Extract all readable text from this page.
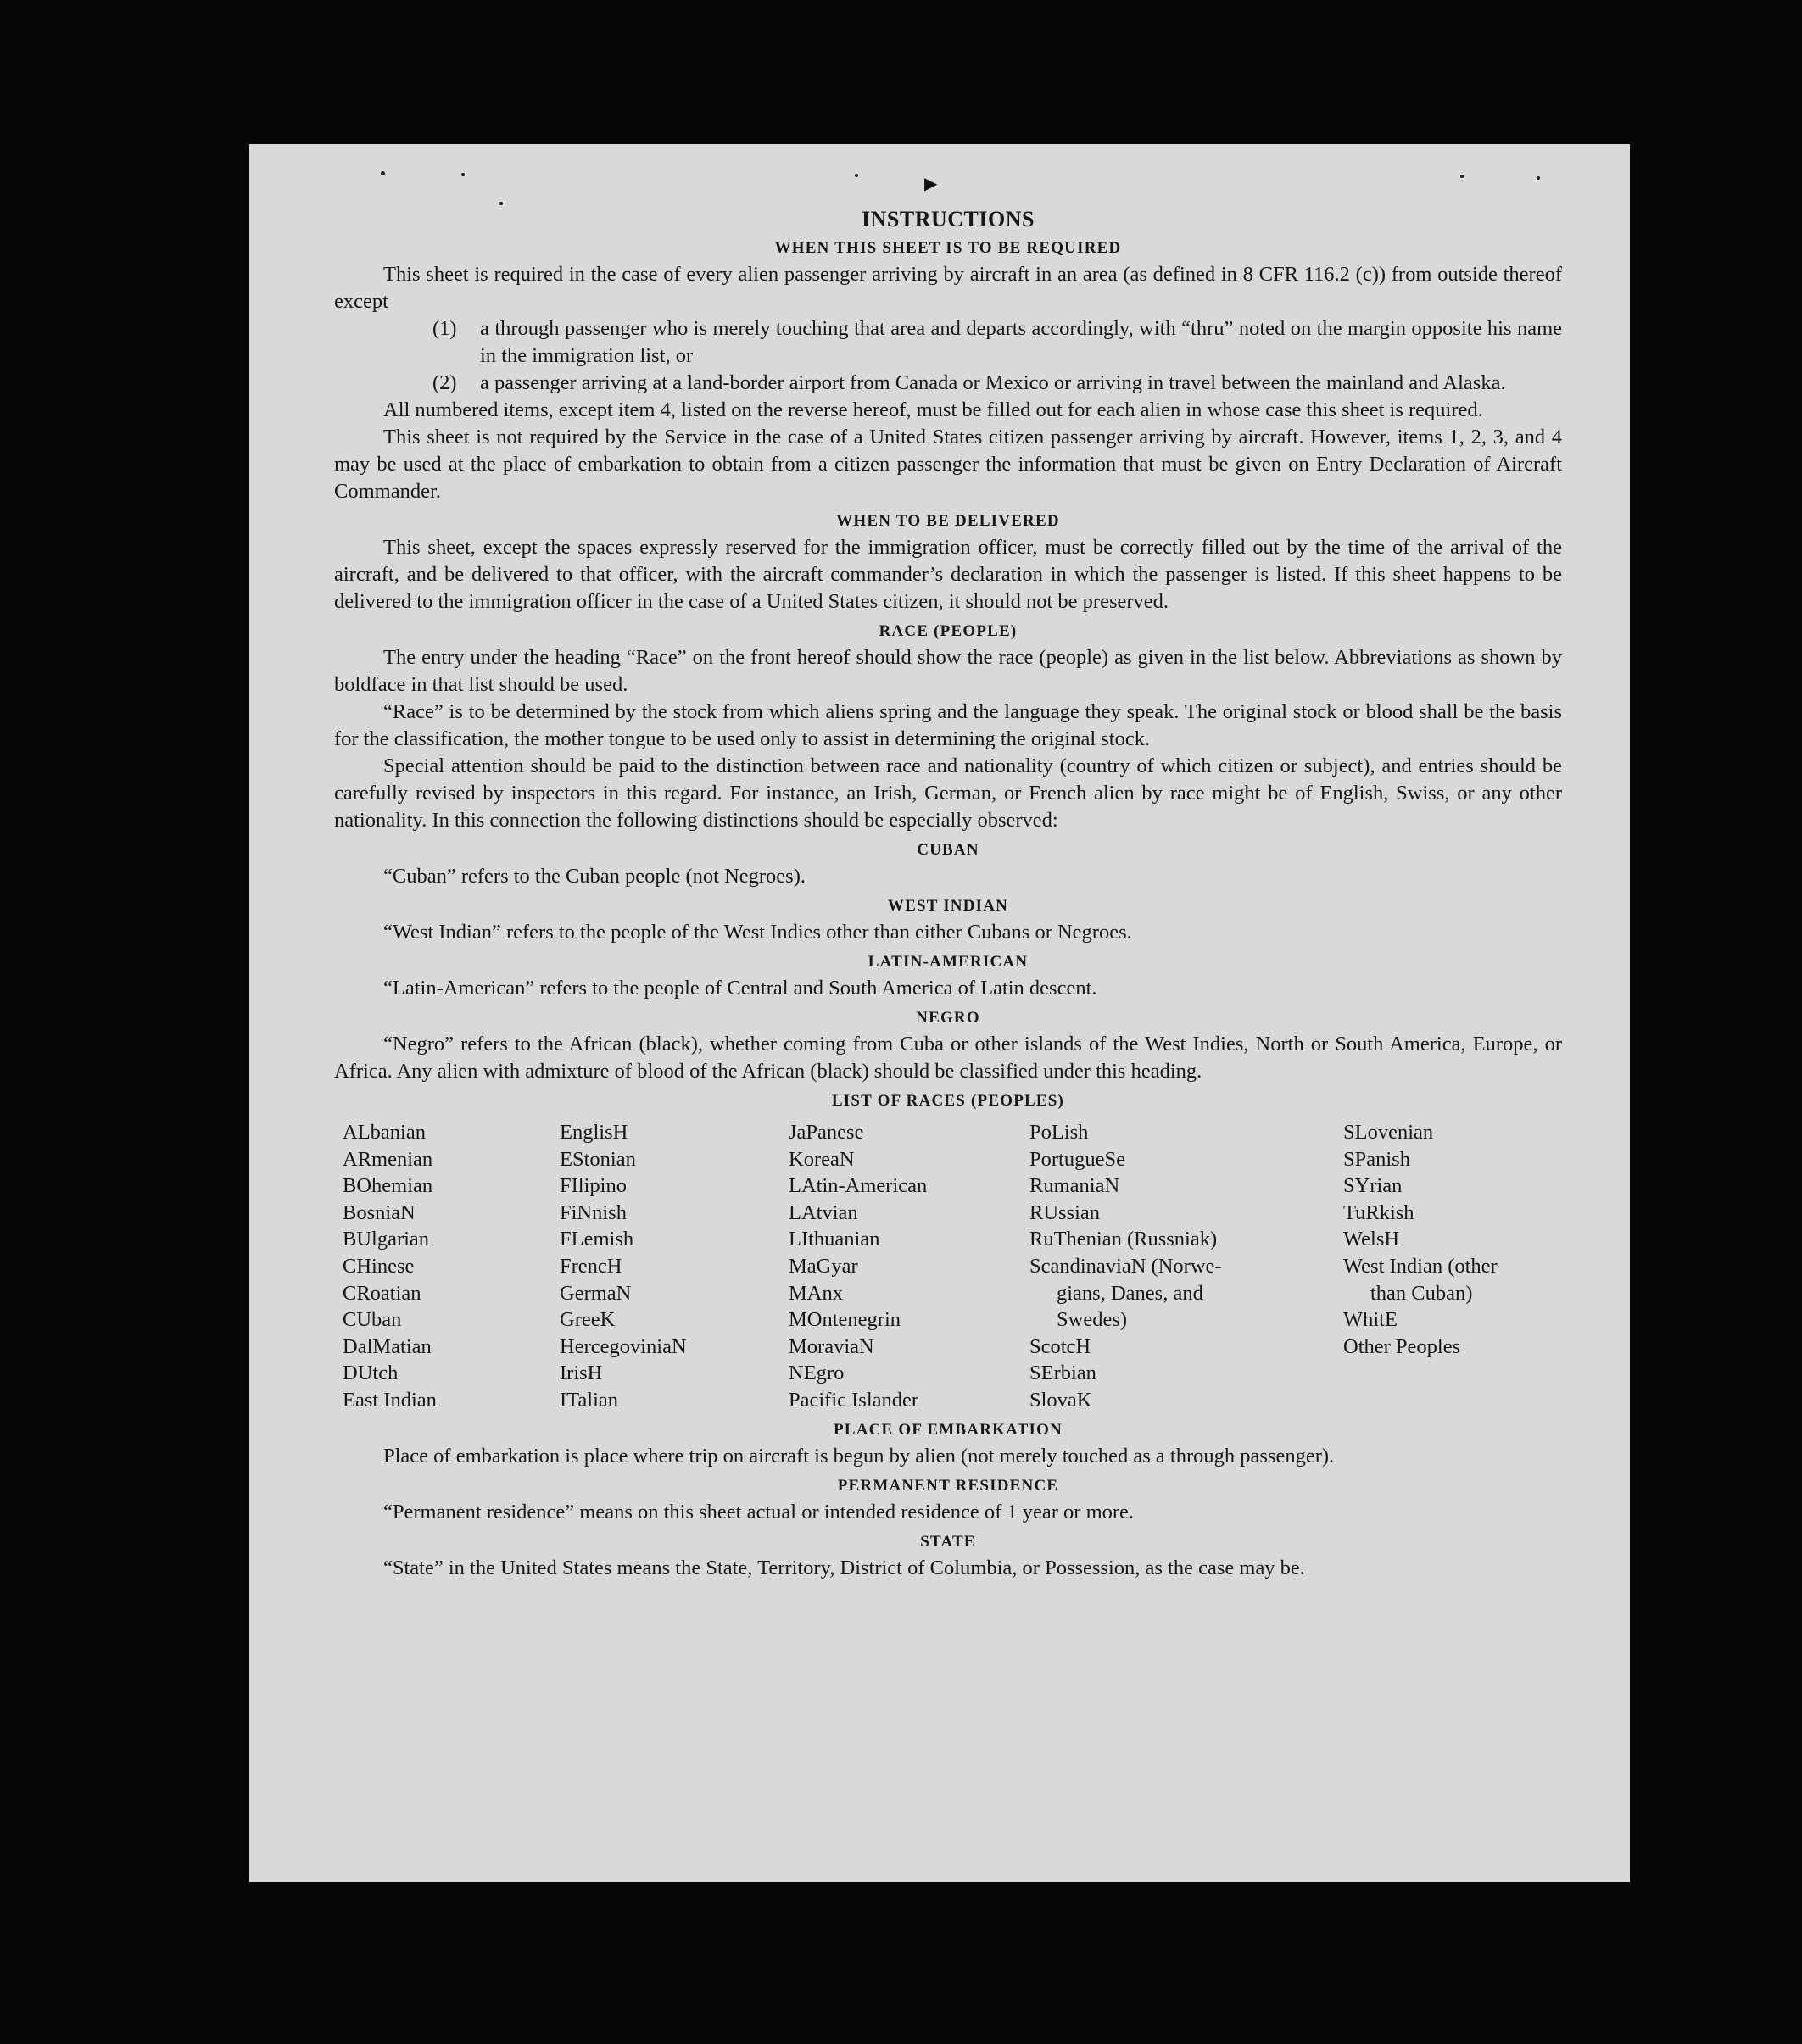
▶
INSTRUCTIONS
WHEN THIS SHEET IS TO BE REQUIRED

This sheet is required in the case of every alien passenger arriving by aircraft in an area (as defined in 8 CFR 116.2 (c)) from outside thereof except

(1)	a through passenger who is merely touching that area and departs accordingly, with “thru” noted on the margin opposite his name in the immigration list, or
(2)	a passenger arriving at a land-border airport from Canada or Mexico or arriving in travel between the mainland and Alaska.

All numbered items, except item 4, listed on the reverse hereof, must be filled out for each alien in whose case this sheet is required.

This sheet is not required by the Service in the case of a United States citizen passenger arriving by aircraft. However, items 1, 2, 3, and 4 may be used at the place of embarkation to obtain from a citizen passenger the information that must be given on Entry Declaration of Aircraft Commander.

WHEN TO BE DELIVERED

This sheet, except the spaces expressly reserved for the immigration officer, must be correctly filled out by the time of the arrival of the aircraft, and be delivered to that officer, with the aircraft commander’s declaration in which the passenger is listed. If this sheet happens to be delivered to the immigration officer in the case of a United States citizen, it should not be preserved.

RACE (PEOPLE)

The entry under the heading “Race” on the front hereof should show the race (people) as given in the list below. Abbreviations as shown by boldface in that list should be used.

“Race” is to be determined by the stock from which aliens spring and the language they speak. The original stock or blood shall be the basis for the classification, the mother tongue to be used only to assist in determining the original stock.

Special attention should be paid to the distinction between race and nationality (country of which citizen or subject), and entries should be carefully revised by inspectors in this regard. For instance, an Irish, German, or French alien by race might be of English, Swiss, or any other nationality. In this connection the following distinctions should be especially observed:

CUBAN

“Cuban” refers to the Cuban people (not Negroes).

WEST INDIAN

“West Indian” refers to the people of the West Indies other than either Cubans or Negroes.

LATIN-AMERICAN

“Latin-American” refers to the people of Central and South America of Latin descent.

NEGRO

“Negro” refers to the African (black), whether coming from Cuba or other islands of the West Indies, North or South America, Europe, or Africa. Any alien with admixture of blood of the African (black) should be classified under this heading.

LIST OF RACES (PEOPLES)
ALbanian
ARmenian
BOhemian
BosniaN
BUlgarian
CHinese
CRoatian
CUban
DalMatian
DUtch
East Indian
EnglisH
EStonian
FIlipino
FiNnish
FLemish
FrencH
GermaN
GreeK
HercegoviniaN
IrisH
ITalian
JaPanese
KoreaN
LAtin-American
LAtvian
LIthuanian
MaGyar
MAnx
MOntenegrin
MoraviaN
NEgro
Pacific Islander
PoLish
PortugueSe
RumaniaN
RUssian
RuThenian (Russniak)
ScandinaviaN (Norwe-
gians, Danes, and
Swedes)
ScotcH
SErbian
SlovaK
SLovenian
SPanish
SYrian
TuRkish
WelsH
West Indian (other
than Cuban)
WhitE
Other Peoples
PLACE OF EMBARKATION

Place of embarkation is place where trip on aircraft is begun by alien (not merely touched as a through passenger).

PERMANENT RESIDENCE

“Permanent residence” means on this sheet actual or intended residence of 1 year or more.

STATE

“State” in the United States means the State, Territory, District of Columbia, or Possession, as the case may be.
